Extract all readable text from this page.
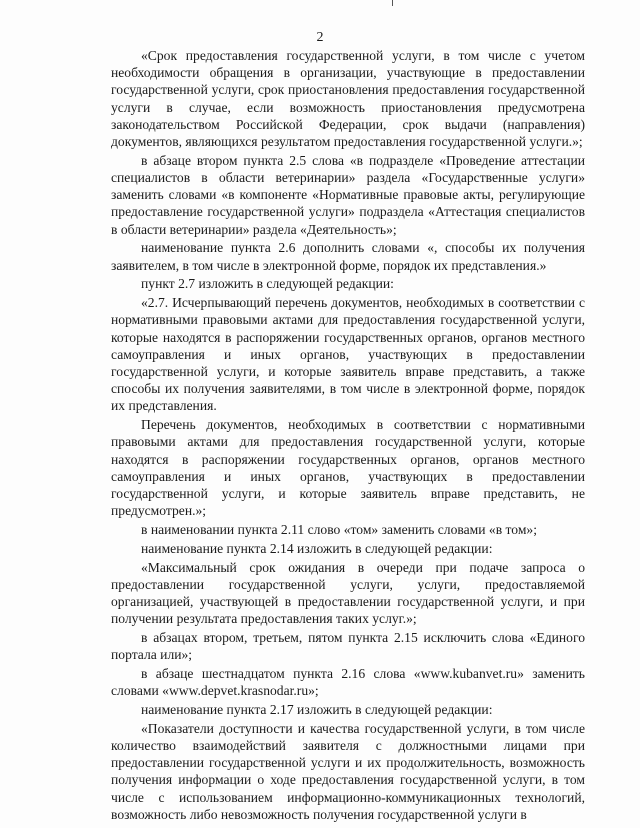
2

«Срок предоставления государственной услуги, в том числе с учетом необходимости обращения в организации, участвующие в предоставлении государственной услуги, срок приостановления предоставления государственной услуги в случае, если возможность приостановления предусмотрена законодательством Российской Федерации, срок выдачи (направления) документов, являющихся результатом предоставления государственной услуги.»;

в абзаце втором пункта 2.5 слова «в подразделе «Проведение аттестации специалистов в области ветеринарии» раздела «Государственные услуги» заменить словами «в компоненте «Нормативные правовые акты, регулирующие предоставление государственной услуги» подраздела «Аттестация специалистов в области ветеринарии» раздела «Деятельность»;

наименование пункта 2.6 дополнить словами «, способы их получения заявителем, в том числе в электронной форме, порядок их представления.»

пункт 2.7 изложить в следующей редакции:

«2.7. Исчерпывающий перечень документов, необходимых в соответствии с нормативными правовыми актами для предоставления государственной услуги, которые находятся в распоряжении государственных органов, органов местного самоуправления и иных органов, участвующих в предоставлении государственной услуги, и которые заявитель вправе представить, а также способы их получения заявителями, в том числе в электронной форме, порядок их представления.

Перечень документов, необходимых в соответствии с нормативными правовыми актами для предоставления государственной услуги, которые находятся в распоряжении государственных органов, органов местного самоуправления и иных органов, участвующих в предоставлении государственной услуги, и которые заявитель вправе представить, не предусмотрен.»;

в наименовании пункта 2.11 слово «том» заменить словами «в том»;

наименование пункта 2.14 изложить в следующей редакции:

«Максимальный срок ожидания в очереди при подаче запроса о предоставлении государственной услуги, услуги, предоставляемой организацией, участвующей в предоставлении государственной услуги, и при получении результата предоставления таких услуг.»;

в абзацах втором, третьем, пятом пункта 2.15 исключить слова «Единого портала или»;

в абзаце шестнадцатом пункта 2.16 слова «www.kubanvet.ru» заменить словами «www.depvet.krasnodar.ru»;

наименование пункта 2.17 изложить в следующей редакции:

«Показатели доступности и качества государственной услуги, в том числе количество взаимодействий заявителя с должностными лицами при предоставлении государственной услуги и их продолжительность, возможность получения информации о ходе предоставления государственной услуги, в том числе с использованием информационно-коммуникационных технологий, возможность либо невозможность получения государственной услуги в
